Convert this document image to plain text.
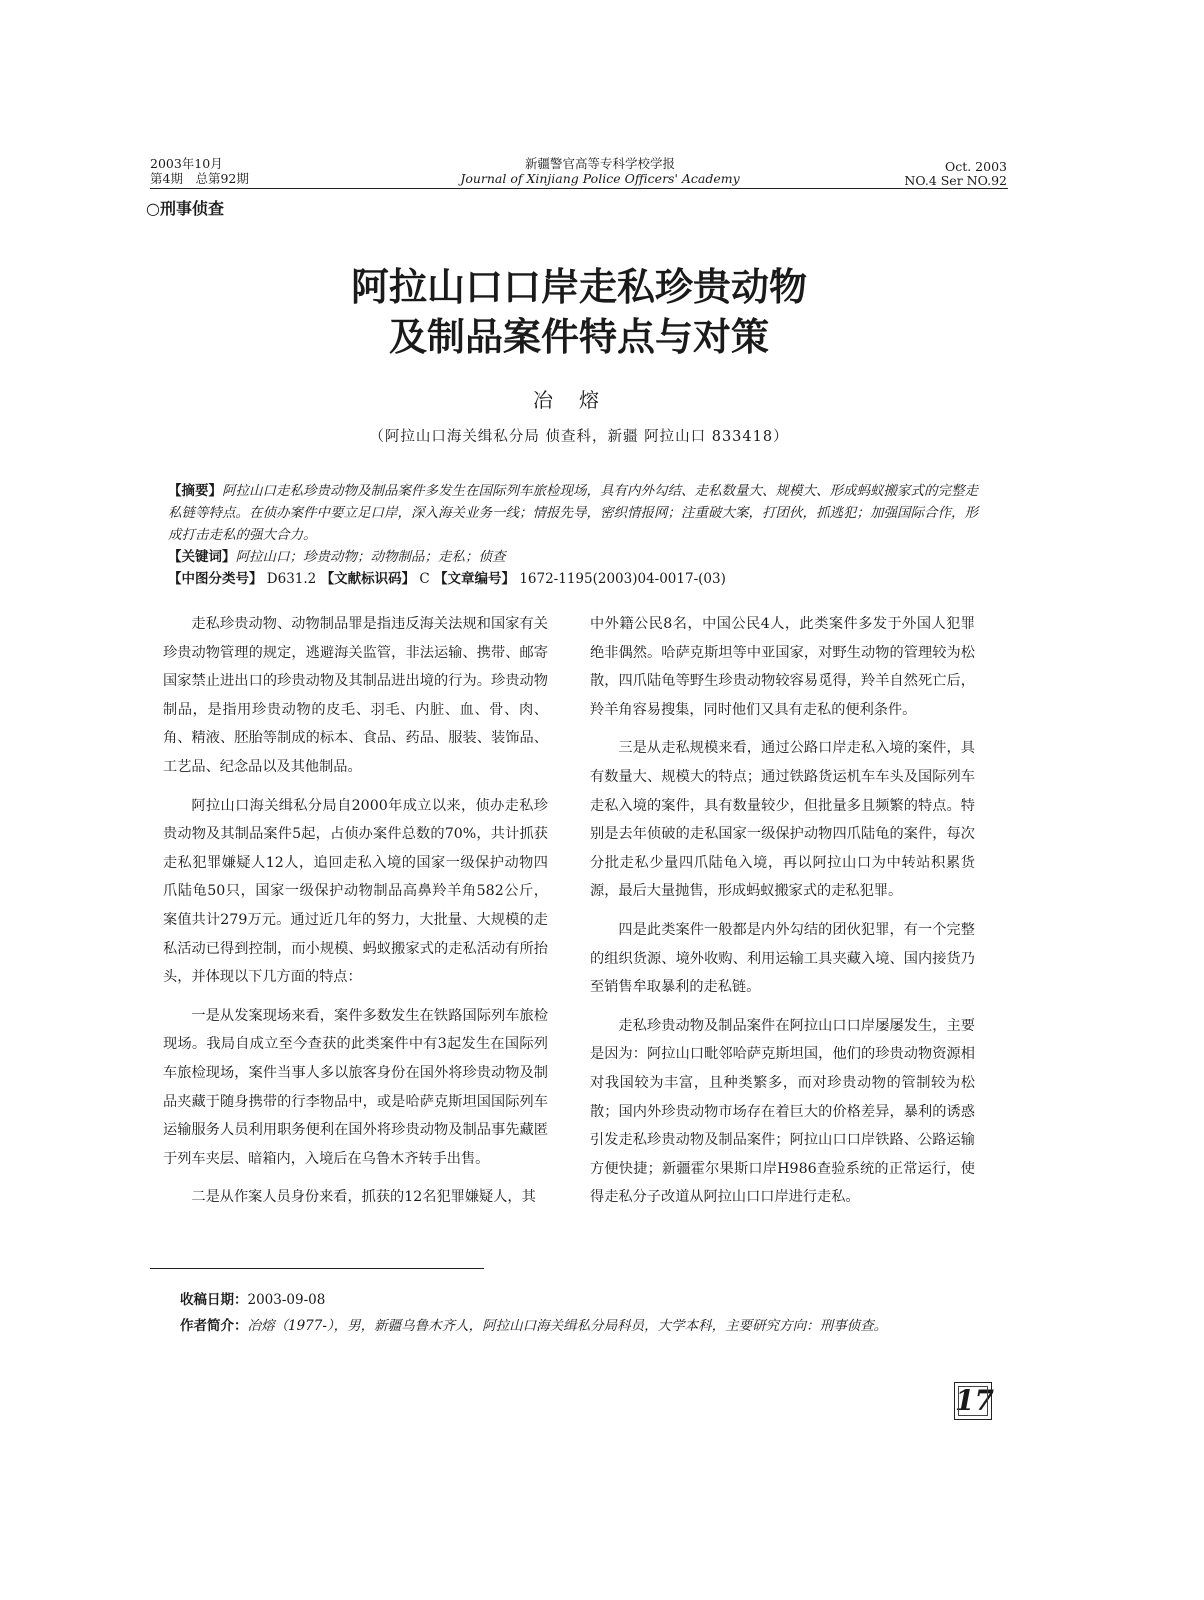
2003年10月
第4期　总第92期
新疆警官高等专科学校学报
Journal of Xinjiang Police Officers' Academy
Oct. 2003
NO.4 Ser NO.92
○刑事侦查
阿拉山口口岸走私珍贵动物
及制品案件特点与对策
冶熔
（阿拉山口海关缉私分局 侦查科，新疆 阿拉山口 833418）

【摘要】阿拉山口走私珍贵动物及制品案件多发生在国际列车旅检现场，具有内外勾结、走私数量大、规模大、形成蚂蚁搬家式的完整走私链等特点。在侦办案件中要立足口岸，深入海关业务一线；情报先导，密织情报网；注重破大案，打团伙，抓逃犯；加强国际合作，形成打击走私的强大合力。

【关键词】阿拉山口；珍贵动物；动物制品；走私；侦查

【中图分类号】 D631.2 【文献标识码】 C 【文章编号】 1672-1195(2003)04-0017-(03)

走私珍贵动物、动物制品罪是指违反海关法规和国家有关珍贵动物管理的规定，逃避海关监管，非法运输、携带、邮寄国家禁止进出口的珍贵动物及其制品进出境的行为。珍贵动物制品，是指用珍贵动物的皮毛、羽毛、内脏、血、骨、肉、角、精液、胚胎等制成的标本、食品、药品、服装、装饰品、工艺品、纪念品以及其他制品。

阿拉山口海关缉私分局自2000年成立以来，侦办走私珍贵动物及其制品案件5起，占侦办案件总数的70%，共计抓获走私犯罪嫌疑人12人，追回走私入境的国家一级保护动物四爪陆龟50只，国家一级保护动物制品高鼻羚羊角582公斤，案值共计279万元。通过近几年的努力，大批量、大规模的走私活动已得到控制，而小规模、蚂蚁搬家式的走私活动有所抬头，并体现以下几方面的特点：

一是从发案现场来看，案件多数发生在铁路国际列车旅检现场。我局自成立至今查获的此类案件中有3起发生在国际列车旅检现场，案件当事人多以旅客身份在国外将珍贵动物及制品夹藏于随身携带的行李物品中，或是哈萨克斯坦国国际列车运输服务人员利用职务便利在国外将珍贵动物及制品事先藏匿于列车夹层、暗箱内，入境后在乌鲁木齐转手出售。

二是从作案人员身份来看，抓获的12名犯罪嫌疑人，其

中外籍公民8名，中国公民4人，此类案件多发于外国人犯罪绝非偶然。哈萨克斯坦等中亚国家，对野生动物的管理较为松散，四爪陆龟等野生珍贵动物较容易觅得，羚羊自然死亡后，羚羊角容易搜集，同时他们又具有走私的便利条件。

三是从走私规模来看，通过公路口岸走私入境的案件，具有数量大、规模大的特点；通过铁路货运机车车头及国际列车走私入境的案件，具有数量较少，但批量多且频繁的特点。特别是去年侦破的走私国家一级保护动物四爪陆龟的案件，每次分批走私少量四爪陆龟入境，再以阿拉山口为中转站积累货源，最后大量抛售，形成蚂蚁搬家式的走私犯罪。

四是此类案件一般都是内外勾结的团伙犯罪，有一个完整的组织货源、境外收购、利用运输工具夹藏入境、国内接货乃至销售牟取暴利的走私链。

走私珍贵动物及制品案件在阿拉山口口岸屡屡发生，主要是因为：阿拉山口毗邻哈萨克斯坦国，他们的珍贵动物资源相对我国较为丰富，且种类繁多，而对珍贵动物的管制较为松散；国内外珍贵动物市场存在着巨大的价格差异，暴利的诱惑引发走私珍贵动物及制品案件；阿拉山口口岸铁路、公路运输方便快捷；新疆霍尔果斯口岸H986查验系统的正常运行，使得走私分子改道从阿拉山口口岸进行走私。

收稿日期：2003-09-08
作者简介：冶熔（1977-），男，新疆乌鲁木齐人，阿拉山口海关缉私分局科员，大学本科，主要研究方向：刑事侦查。
17
